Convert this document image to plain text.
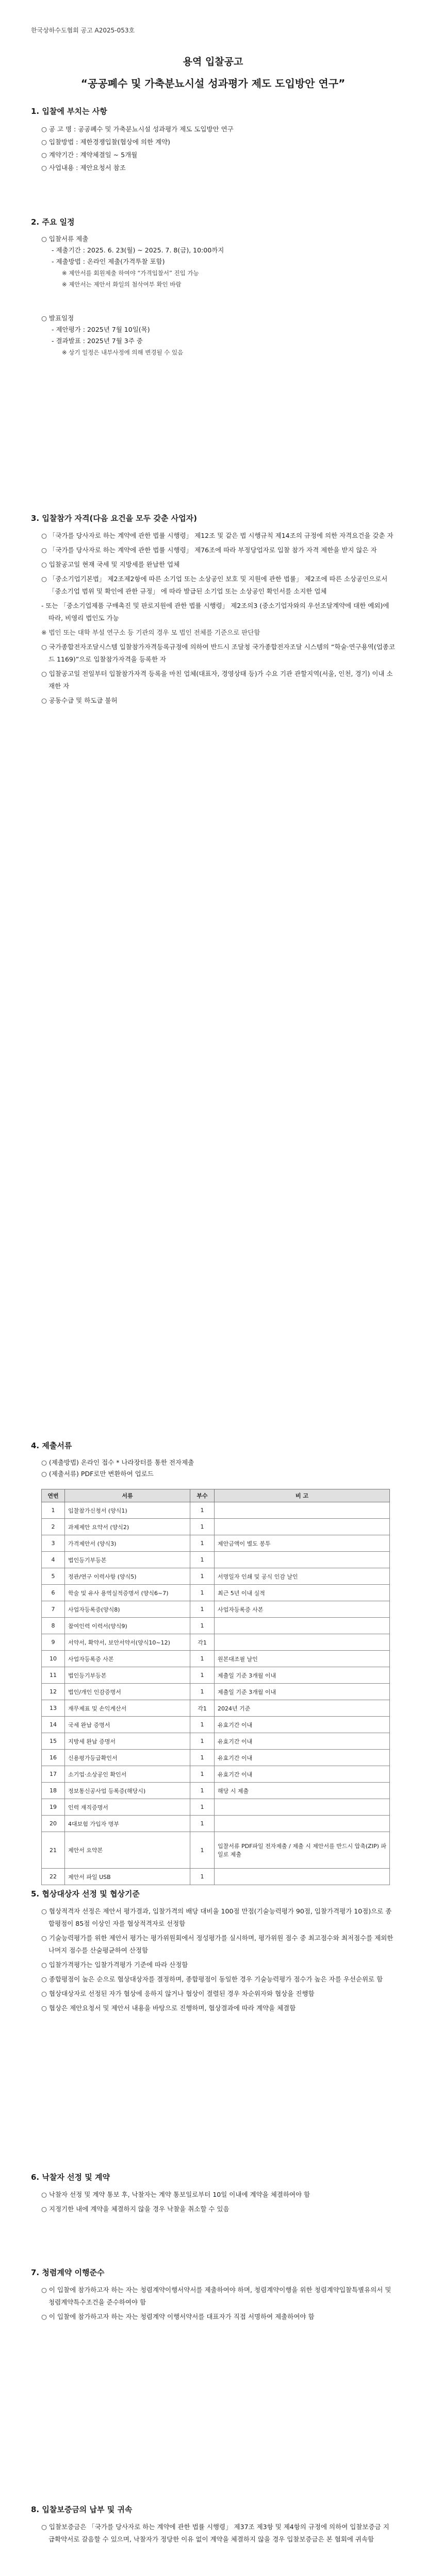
한국상하수도협회 공고 A2025-053호
용역 입찰공고
“공공폐수 및 가축분뇨시설 성과평가 제도 도입방안 연구”
1. 입찰에 부치는 사항
○ 공 고 명 : 공공폐수 및 가축분뇨시설 성과평가 제도 도입방안 연구
○ 입찰방법 : 제한경쟁입찰(협상에 의한 계약)
○ 계약기간 : 계약체결일 ~ 5개월
○ 사업내용 : 제안요청서 참조
2. 주요 일정
○ 입찰서류 제출
- 제출기간 : 2025. 6. 23(월) ~ 2025. 7. 8(금), 10:00까지
- 제출방법 : 온라인 제출(가격투찰 포함)
※ 제안서를 회원제출 하여야 “가격입찰서” 진입 가능
※ 제안서는 제안서 화일의 첨삭여부 확인 바람
○ 발표일정
- 제안평가 : 2025년 7월 10일(목)
- 결과발표 : 2025년 7월 3주 중
※ 상기 일정은 내부사정에 의해 변경될 수 있음
3. 입찰참가 자격(다음 요건을 모두 갖춘 사업자)
○ 「국가를 당사자로 하는 계약에 관한 법률 시행령」 제12조 및 같은 법 시행규칙 제14조의 규정에 의한 자격요건을 갖춘 자
○ 「국가를 당사자로 하는 계약에 관한 법률 시행령」 제76조에 따라 부정당업자로 입찰 참가 자격 제한을 받지 않은 자
○ 입찰공고일 현재 국세 및 지방세를 완납한 업체
○ 「중소기업기본법」 제2조제2항에 따른 소기업 또는 소상공인 보호 및 지원에 관한 법률」 제2조에 따른 소상공인으로서 「중소기업 범위 및 확인에 관한 규정」 에 따라 발급된 소기업 또는 소상공인 확인서를 소지한 업체
- 또는 「중소기업제품 구매촉진 및 판로지원에 관한 법률 시행령」 제2조의3 (중소기업자와의 우선조달계약에 대한 예외)에 따라, 비영리 법인도 가능
※ 법인 또는 대학 부설 연구소 등 기관의 경우 모 법인 전체를 기준으로 판단함
○ 국가종합전자조달시스템 입찰참가자격등록규정에 의하여 반드시 조달청 국가종합전자조달 시스템의 “학술·연구용역(업종코드 1169)”으로 입찰참가자격을 등록한 자
○ 입찰공고일 전일부터 입찰참가자격 등록을 마친 업체(대표자, 경영상태 등)가 수요 기관 관할지역(서울, 인천, 경기) 이내 소재한 자
○ 공동수급 및 하도급 불허
4. 제출서류
○ (제출방법) 온라인 접수 * 나라장터를 통한 전자제출
○ (제출서류) PDF로만 변환하여 업로드
연번	서류	부수	비 고
1	입찰참가신청서 (양식1)	1	
2	과제제안 요약서 (양식2)	1	
3	가격제안서 (양식3)	1	제안금액이 별도 봉투
4	법인등기부등본	1	
5	정관/연구 이력사항 (양식5)	1	서명일자 인쇄 및 공식 인감 날인
6	학술 및 유사 용역실적증명서 (양식6~7)	1	최근 5년 이내 실적
7	사업자등록증(양식8)	1	사업자등록증 사본
8	참여인력 이력서(양식9)	1	
9	서약서, 확약서, 보안서약서(양식10~12)	각1	
10	사업자등록증 사본	1	원본대조필 날인
11	법인등기부등본	1	제출일 기준 3개월 이내
12	법인/개인 인감증명서	1	제출일 기준 3개월 이내
13	재무제표 및 손익계산서	각1	2024년 기준
14	국세 완납 증명서	1	유효기간 이내
15	지방세 완납 증명서	1	유효기간 이내
16	신용평가등급확인서	1	유효기간 이내
17	소기업·소상공인 확인서	1	유효기간 이내
18	정보통신공사업 등록증(해당시)	1	해당 시 제출
19	인력 재직증명서	1	
20	4대보험 가입자 명부	1	
21	제안서 요약본	1	입찰서류 PDF파일 전자제출 / 제출 시 제안서를 반드시 압축(ZIP) 파일로 제출
22	제안서 파일 USB	1	
5. 협상대상자 선정 및 협상기준
○ 협상적격자 선정은 제안서 평가결과, 입찰가격의 배당 대비율 100점 만점(기술능력평가 90점, 입찰가격평가 10점)으로 종합평점이 85점 이상인 자를 협상적격자로 선정함
○ 기술능력평가를 위한 제안서 평가는 평가위원회에서 정성평가를 실시하며, 평가위원 점수 중 최고점수와 최저점수를 제외한 나머지 점수를 산술평균하여 산정함
○ 입찰가격평가는 입찰가격평가 기준에 따라 산정함
○ 종합평점이 높은 순으로 협상대상자를 결정하며, 종합평점이 동일한 경우 기술능력평가 점수가 높은 자를 우선순위로 함
○ 협상대상자로 선정된 자가 협상에 응하지 않거나 협상이 결렬된 경우 차순위자와 협상을 진행함
○ 협상은 제안요청서 및 제안서 내용을 바탕으로 진행하며, 협상결과에 따라 계약을 체결함
6. 낙찰자 선정 및 계약
○ 낙찰자 선정 및 계약 통보 후, 낙찰자는 계약 통보일로부터 10일 이내에 계약을 체결하여야 함
○ 지정기한 내에 계약을 체결하지 않을 경우 낙찰을 취소할 수 있음
7. 청렴계약 이행준수
○ 이 입찰에 참가하고자 하는 자는 청렴계약이행서약서를 제출하여야 하며, 청렴계약이행을 위한 청렴계약입찰특별유의서 및 청렴계약특수조건을 준수하여야 함
○ 이 입찰에 참가하고자 하는 자는 청렴계약 이행서약서를 대표자가 직접 서명하여 제출하여야 함
8. 입찰보증금의 납부 및 귀속
○ 입찰보증금은 「국가를 당사자로 하는 계약에 관한 법률 시행령」 제37조 제3항 및 제4항의 규정에 의하여 입찰보증금 지급확약서로 갈음할 수 있으며, 낙찰자가 정당한 이유 없이 계약을 체결하지 않을 경우 입찰보증금은 본 협회에 귀속함
